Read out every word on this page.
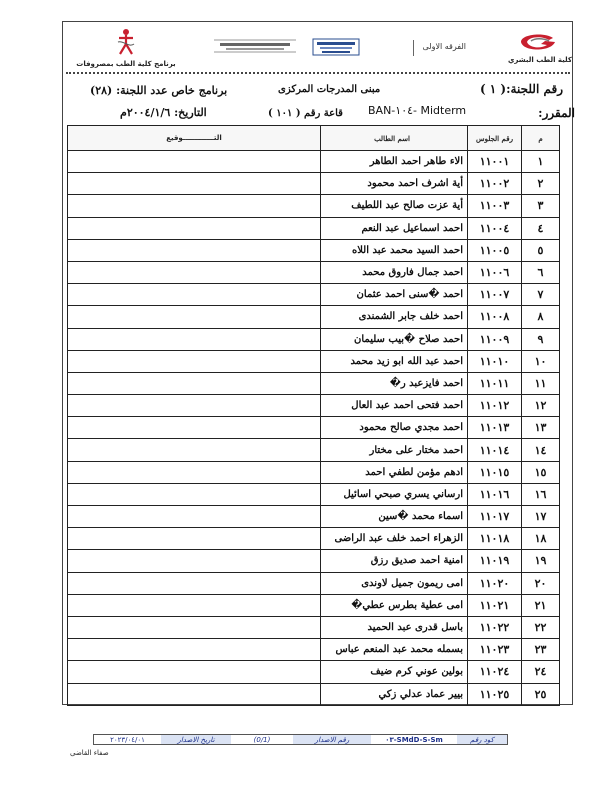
كلية الطب البشري
الفرقه الاولى
برنامج كلية الطب بمصروفات
رقم اللجنة:( ١ )
مبنى المدرجات المركزى
برنامج خاص عدد اللجنة: (٢٨)
المقرر:
BAN-١٠٤- Midterm
قاعة رقم ( ١٠١ )
التاريخ: ٢٠٠٤/١/٦م
م	رقم الجلوس	اسم الطالب	التـــــــــــــوقيع
١	١١٠٠١	الاء طاهر احمد الطاهر	
٢	١١٠٠٢	أية اشرف احمد محمود	
٣	١١٠٠٣	أية عزت صالح عبد اللطيف	
٤	١١٠٠٤	احمد اسماعيل عبد النعم	
٥	١١٠٠٥	احمد السيد محمد عبد اللاه	
٦	١١٠٠٦	احمد جمال فاروق محمد	
٧	١١٠٠٧	احمد �سنى احمد عثمان	
٨	١١٠٠٨	احمد خلف جابر الشمندى	
٩	١١٠٠٩	احمد صلاح �بيب سليمان	
١٠	١١٠١٠	احمد عبد الله ابو زيد محمد	
١١	١١٠١١	احمد فايزعبد ر�	
١٢	١١٠١٢	احمد فتحى احمد عبد العال	
١٣	١١٠١٣	احمد مجدي صالح محمود	
١٤	١١٠١٤	احمد مختار على مختار	
١٥	١١٠١٥	ادهم مؤمن لطفي احمد	
١٦	١١٠١٦	ارساني يسري صبحي اسائيل	
١٧	١١٠١٧	اسماء محمد �سين	
١٨	١١٠١٨	الزهراء احمد خلف عبد الراضى	
١٩	١١٠١٩	امنية احمد صديق رزق	
٢٠	١١٠٢٠	امى ريمون جميل لاوندى	
٢١	١١٠٢١	امى عطية بطرس عطي�	
٢٢	١١٠٢٢	باسل قدرى عبد الحميد	
٢٣	١١٠٢٣	بسمله محمد عبد المنعم عباس	
٢٤	١١٠٢٤	بولين عوني كرم ضيف	
٢٥	١١٠٢٥	بيير عماد عدلي زكي	
كود رقم
SMdD-S-Sm-٠٣
رقم الاصدار
(0/1)
تاريخ الاصدار
٢٠٢٣/٠٤/٠١
صفاء القاضى
